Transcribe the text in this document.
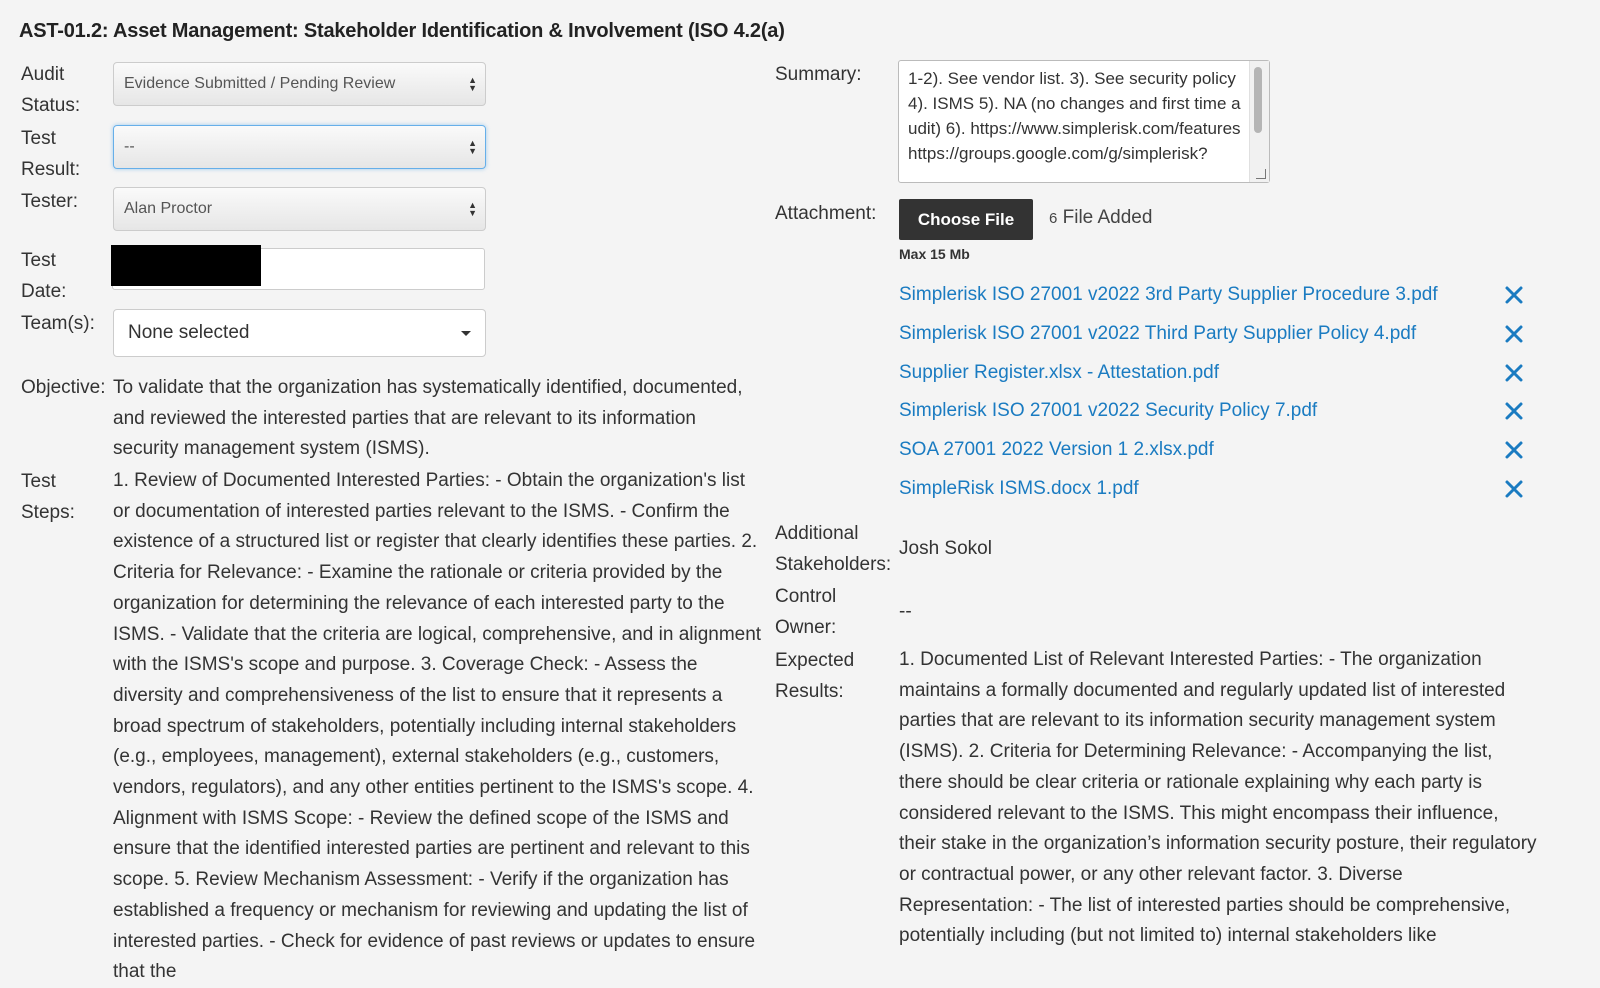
AST-01.2: Asset Management: Stakeholder Identification & Involvement (ISO 4.2(a)
Audit
Status:
Evidence Submitted / Pending Review	▲
▼
Test
Result:
--	▲
▼
Tester:	Alan Proctor	▲
▼
Test
Date:
Team(s):	None selected
Objective: To validate that the organization has systematically identified, documented, and reviewed the interested parties that are relevant to its information security management system (ISMS).
Test
Steps:
1. Review of Documented Interested Parties: - Obtain the organization's list or documentation of interested parties relevant to the ISMS. - Confirm the existence of a structured list or register that clearly identifies these parties. 2. Criteria for Relevance: - Examine the rationale or criteria provided by the organization for determining the relevance of each interested party to the ISMS. - Validate that the criteria are logical, comprehensive, and in alignment with the ISMS's scope and purpose. 3. Coverage Check: - Assess the diversity and comprehensiveness of the list to ensure that it represents a broad spectrum of stakeholders, potentially including internal stakeholders (e.g., employees, management), external stakeholders (e.g., customers, vendors, regulators), and any other entities pertinent to the ISMS's scope. 4. Alignment with ISMS Scope: - Review the defined scope of the ISMS and ensure that the identified interested parties are pertinent and relevant to this scope. 5. Review Mechanism Assessment: - Verify if the organization has established a frequency or mechanism for reviewing and updating the list of interested parties. - Check for evidence of past reviews or updates to ensure that the
Summary:	1-2). See vendor list. 3). See security policy 4). ISMS 5). NA (no changes and first time audit) 6). https://www.simplerisk.com/features https://groups.google.com/g/simplerisk?
Attachment:	Choose File	6 File Added
Max 15 Mb
Simplerisk ISO 27001 v2022 3rd Party Supplier Procedure 3.pdf
Simplerisk ISO 27001 v2022 Third Party Supplier Policy 4.pdf
Supplier Register.xlsx - Attestation.pdf
Simplerisk ISO 27001 v2022 Security Policy 7.pdf
SOA 27001 2022 Version 1 2.xlsx.pdf
SimpleRisk ISMS.docx 1.pdf
Additional
Stakeholders:
Josh Sokol
Control
Owner:
--
Expected
Results:
1. Documented List of Relevant Interested Parties: - The organization maintains a formally documented and regularly updated list of interested parties that are relevant to its information security management system (ISMS). 2. Criteria for Determining Relevance: - Accompanying the list, there should be clear criteria or rationale explaining why each party is considered relevant to the ISMS. This might encompass their influence, their stake in the organization’s information security posture, their regulatory or contractual power, or any other relevant factor. 3. Diverse Representation: - The list of interested parties should be comprehensive, potentially including (but not limited to) internal stakeholders like
